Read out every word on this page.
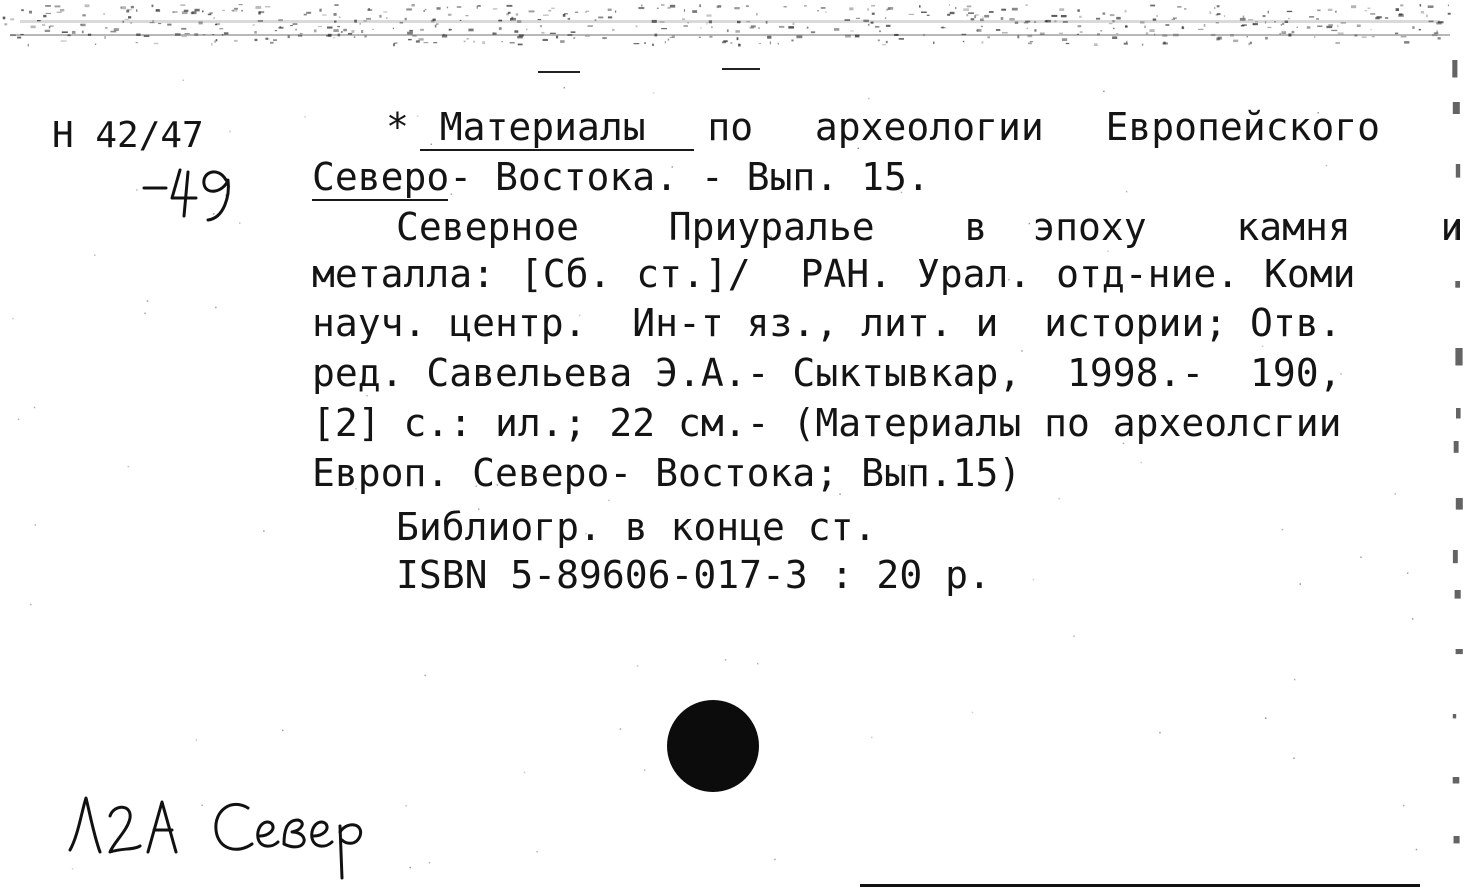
Н 42/47	* Материалы  по  археологии  Европейского
Северо- Востока. - Вып. 15.
Северное  Приуралье  в эпоху  камня  и
металла: [Сб. ст.]/  РАН. Урал. отд-ние. Коми
науч. центр.  Ин-т яз., лит. и  истории; Отв.
ред. Савельева Э.А.- Сыктывкар,  1998.-  190,
[2] с.: ил.; 22 см.- (Материалы по археолсгии
Европ. Северо- Востока; Вып.15)
Библиогр. в конце ст.
ISBN 5-89606-017-3 : 20 р.
